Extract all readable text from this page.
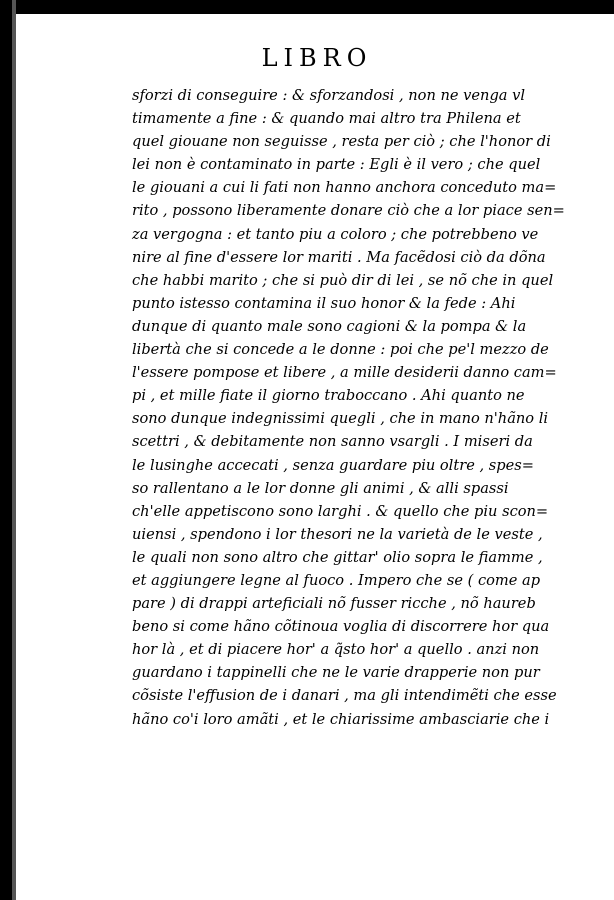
LIBRO
sforzi di conseguire : & sforzandosi , non ne venga vl
timamente a fine : & quando mai altro tra Philena et
quel giouane non seguisse , resta per ciò ; che l'honor di
lei non è contaminato in parte : Egli è il vero ; che quel
le giouani a cui li fati non hanno anchora conceduto ma=
rito , possono liberamente donare ciò che a lor piace sen=
za vergogna : et tanto piu a coloro ; che potrebbeno ve
nire al fine d'essere lor mariti . Ma facẽdosi ciò da dõna
che habbi marito ; che si può dir di lei , se nõ che in quel
punto istesso contamina il suo honor & la fede : Ahi
dunque di quanto male sono cagioni & la pompa & la
libertà che si concede a le donne : poi che pe'l mezzo de
l'essere pompose et libere , a mille desiderii danno cam=
pi , et mille fiate il giorno traboccano . Ahi quanto ne
sono dunque indegnissimi quegli , che in mano n'hãno li
scettri , & debitamente non sanno vsargli . I miseri da
le lusinghe accecati , senza guardare piu oltre , spes=
so rallentano a le lor donne gli animi , & alli spassi
ch'elle appetiscono sono larghi . & quello che piu scon=
uiensi , spendono i lor thesori ne la varietà de le veste ,
le quali non sono altro che gittar' olio sopra le fiamme ,
et aggiungere legne al fuoco . Impero che se ( come ap
pare ) di drappi arteficiali nõ fusser ricche , nõ haureb
beno si come hãno cõtinoua voglia di discorrere hor qua
hor là , et di piacere hor' a q̃sto hor' a quello . anzi non
guardano i tappinelli che ne le varie drapperie non pur
cõsiste l'effusion de i danari , ma gli intendimẽti che esse
hãno co'i loro amãti , et le chiarissime ambasciarie che i
